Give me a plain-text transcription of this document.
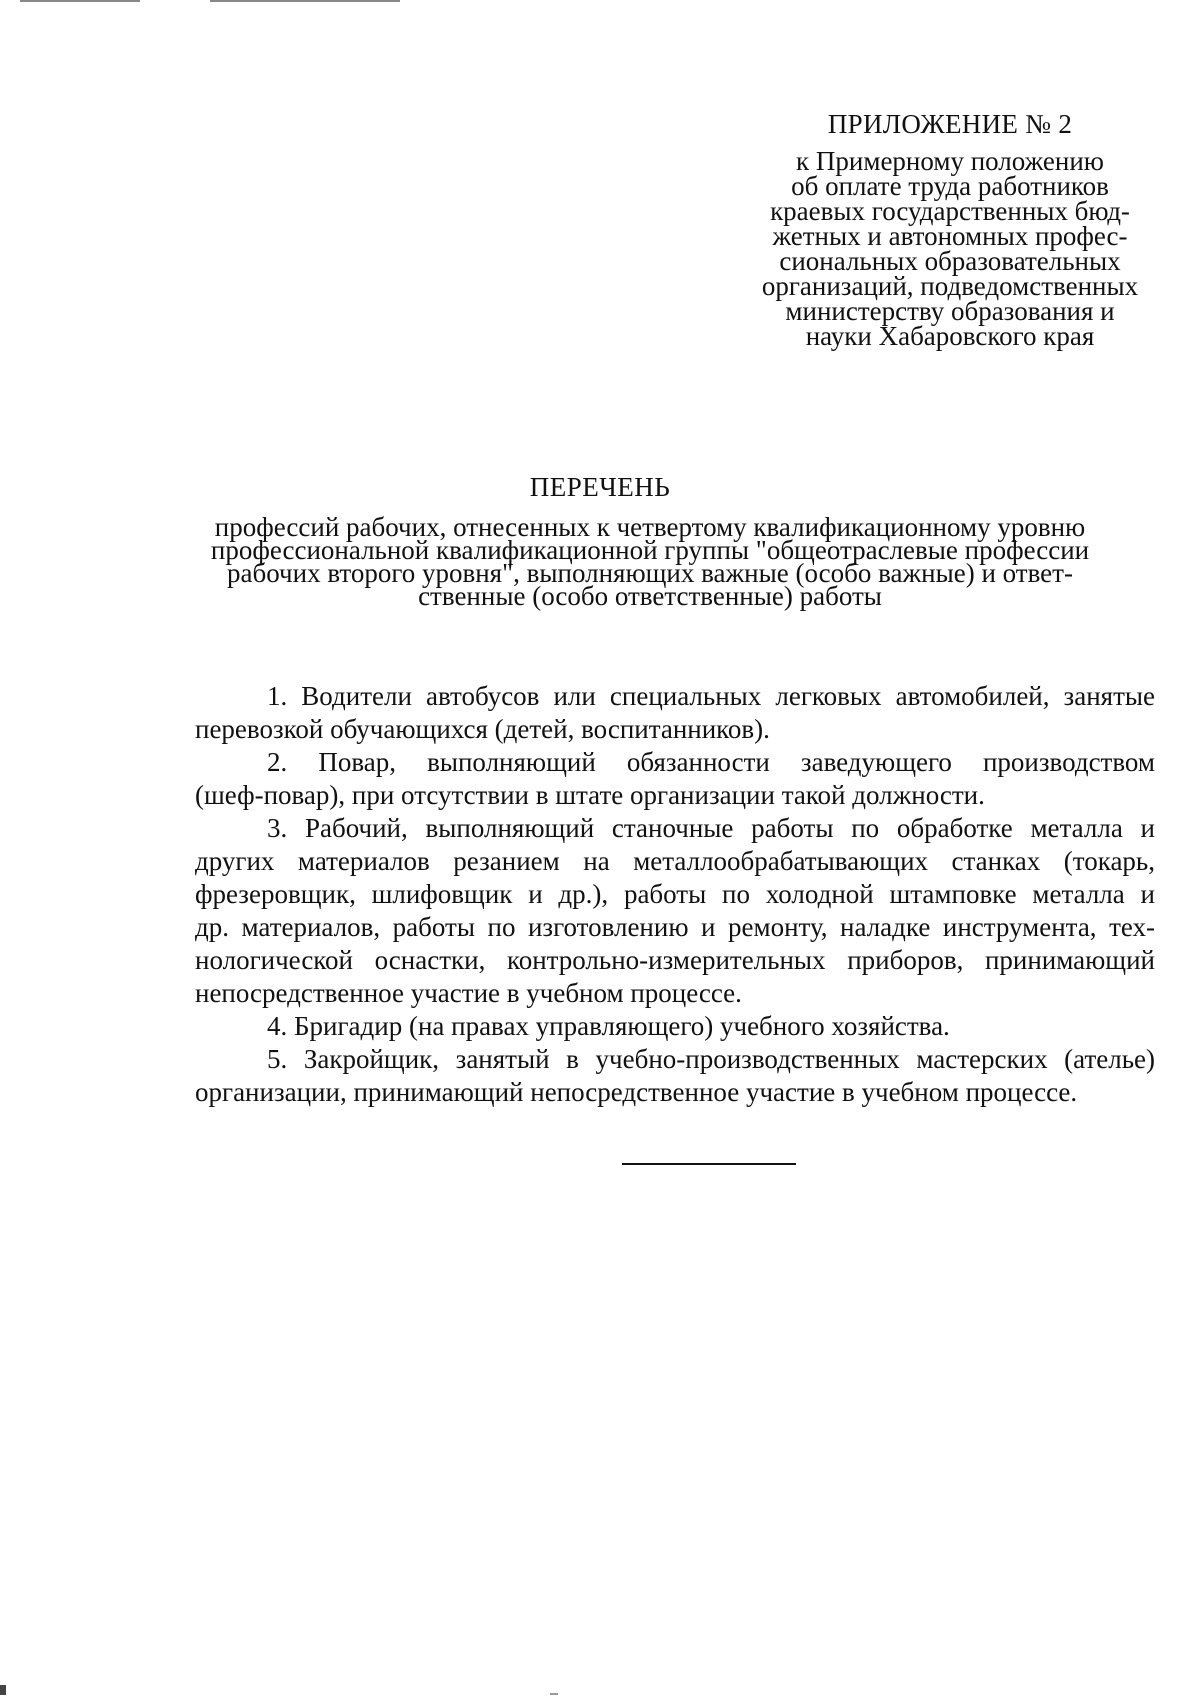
ПРИЛОЖЕНИЕ № 2
к Примерному положению
об оплате труда работников
краевых государственных бюд-
жетных и автономных профес-
сиональных образовательных
организаций, подведомственных
министерству образования и
науки Хабаровского края
ПЕРЕЧЕНЬ
профессий рабочих, отнесенных к четвертому квалификационному уровню
профессиональной квалификационной группы "общеотраслевые профессии
рабочих второго уровня", выполняющих важные (особо важные) и ответ-
ственные (особо ответственные) работы
1. Водители автобусов или специальных легковых автомобилей, занятые
перевозкой обучающихся (детей, воспитанников).
2. Повар, выполняющий обязанности заведующего производством
(шеф-повар), при отсутствии в штате организации такой должности.
3. Рабочий, выполняющий станочные работы по обработке металла и
других материалов резанием на металлообрабатывающих станках (токарь,
фрезеровщик, шлифовщик и др.), работы по холодной штамповке металла и
др. материалов, работы по изготовлению и ремонту, наладке инструмента, тех-
нологической оснастки, контрольно-измерительных приборов, принимающий
непосредственное участие в учебном процессе.
4. Бригадир (на правах управляющего) учебного хозяйства.
5. Закройщик, занятый в учебно-производственных мастерских (ателье)
организации, принимающий непосредственное участие в учебном процессе.
